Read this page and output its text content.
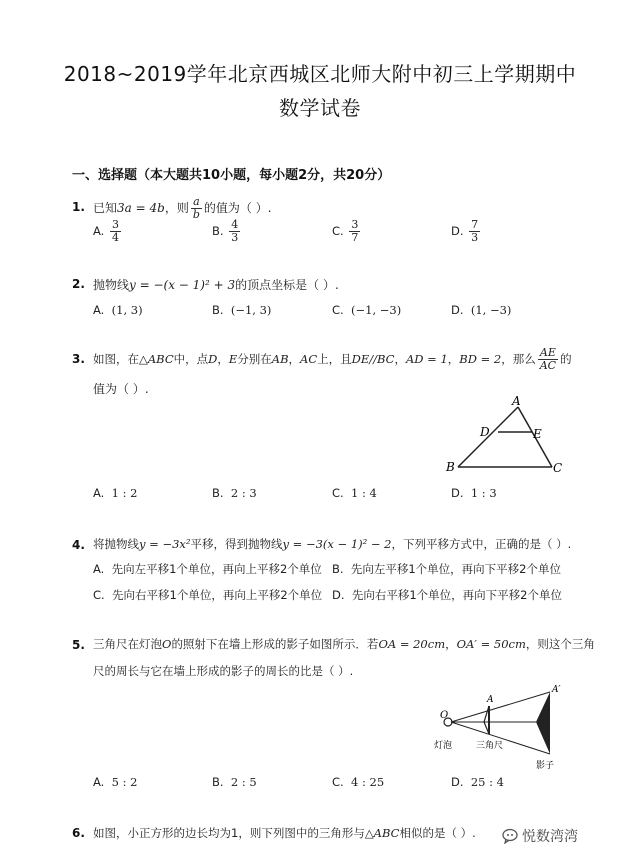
2018~2019学年北京西城区北师大附中初三上学期期中
数学试卷
一、选择题（本大题共10小题，每小题2分，共20分）
1. 已知3a = 4b，则 $\frac{a}{b}$ 的值为（ ）.
A. $\frac{3}{4}$	B. $\frac{4}{3}$	C. $\frac{3}{7}$	D. $\frac{7}{3}$
2. 抛物线y = −(x − 1)² + 3的顶点坐标是（ ）.
A. (1, 3)	B. (−1, 3)	C. (−1, −3)	D. (1, −3)
3. 如图，在△ABC中，点D，E分别在AB，AC上，且DE//BC，AD = 1，BD = 2，那么 $\frac{AE}{AC}$ 的
值为（ ）.
A
B	C
D	E
A. 1 : 2	B. 2 : 3	C. 1 : 4	D. 1 : 3
4. 将抛物线y = −3x²平移，得到抛物线y = −3(x − 1)² − 2，下列平移方式中，正确的是（ ）.
A. 先向左平移1个单位，再向上平移2个单位 B. 先向左平移1个单位，再向下平移2个单位
C. 先向右平移1个单位，再向上平移2个单位 D. 先向右平移1个单位，再向下平移2个单位
5. 三角尺在灯泡O的照射下在墙上形成的影子如图所示．若OA = 20cm，OA′ = 50cm，则这个三角
尺的周长与它在墙上形成的影子的周长的比是（ ）.
A′
A
O
灯泡	三角尺
影子
A. 5 : 2	B. 2 : 5	C. 4 : 25	D. 25 : 4
6. 如图，小正方形的边长均为1，则下列图中的三角形与△ABC相似的是（ ）.	悦数湾湾
